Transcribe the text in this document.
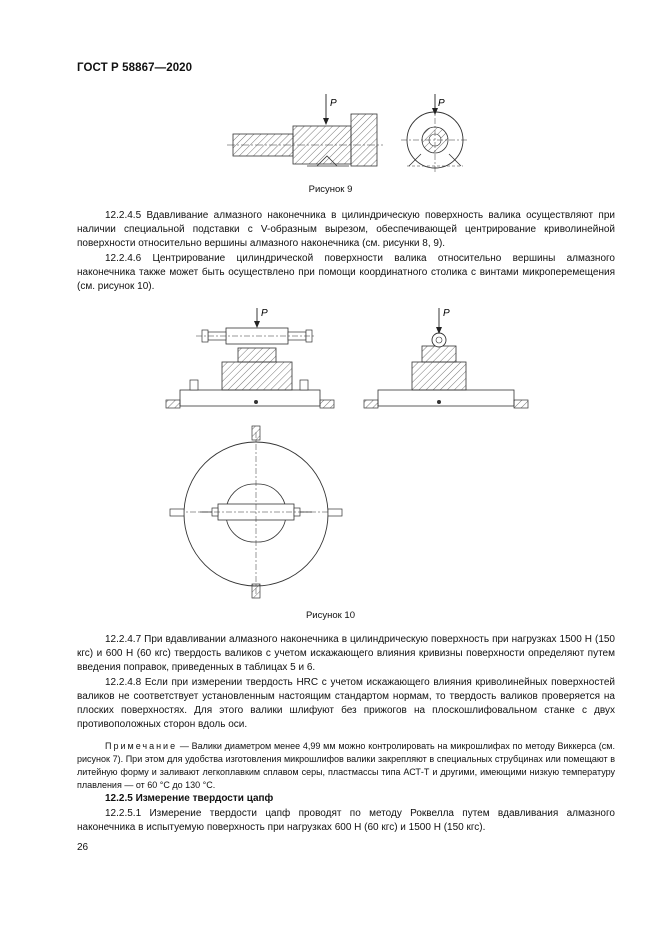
ГОСТ Р 58867—2020
P	P
Рисунок 9

12.2.4.5 Вдавливание алмазного наконечника в цилиндрическую поверхность валика осуществляют при наличии специальной подставки с V-образным вырезом, обеспечивающей центрирование криволинейной поверхности относительно вершины алмазного наконечника (см. рисунки 8, 9).

12.2.4.6 Центрирование цилиндрической поверхности валика относительно вершины алмазного наконечника также может быть осуществлено при помощи координатного столика с винтами микроперемещения (см. рисунок 10).

P	P
Рисунок 10

12.2.4.7 При вдавливании алмазного наконечника в цилиндрическую поверхность при нагрузках 1500 Н (150 кгс) и 600 Н (60 кгс) твердость валиков с учетом искажающего влияния кривизны поверхности определяют путем введения поправок, приведенных в таблицах 5 и 6.

12.2.4.8 Если при измерении твердость HRC с учетом искажающего влияния криволинейных поверхностей валиков не соответствует установленным настоящим стандартом нормам, то твердость валиков проверяется на плоских поверхностях. Для этого валики шлифуют без прижогов на плоскошлифовальном станке с двух противоположных сторон вдоль оси.

Примечание — Валики диаметром менее 4,99 мм можно контролировать на микрошлифах по методу Виккерса (см. рисунок 7). При этом для удобства изготовления микрошлифов валики закрепляют в специальных струбцинах или помещают в литейную форму и заливают легкоплавким сплавом серы, пластмассы типа АСТ-Т и другими, имеющими низкую температуру плавления — от 60 °С до 130 °С.

12.2.5 Измерение твердости цапф

12.2.5.1 Измерение твердости цапф проводят по методу Роквелла путем вдавливания алмазного наконечника в испытуемую поверхность при нагрузках 600 Н (60 кгс) и 1500 Н (150 кгс).

26
